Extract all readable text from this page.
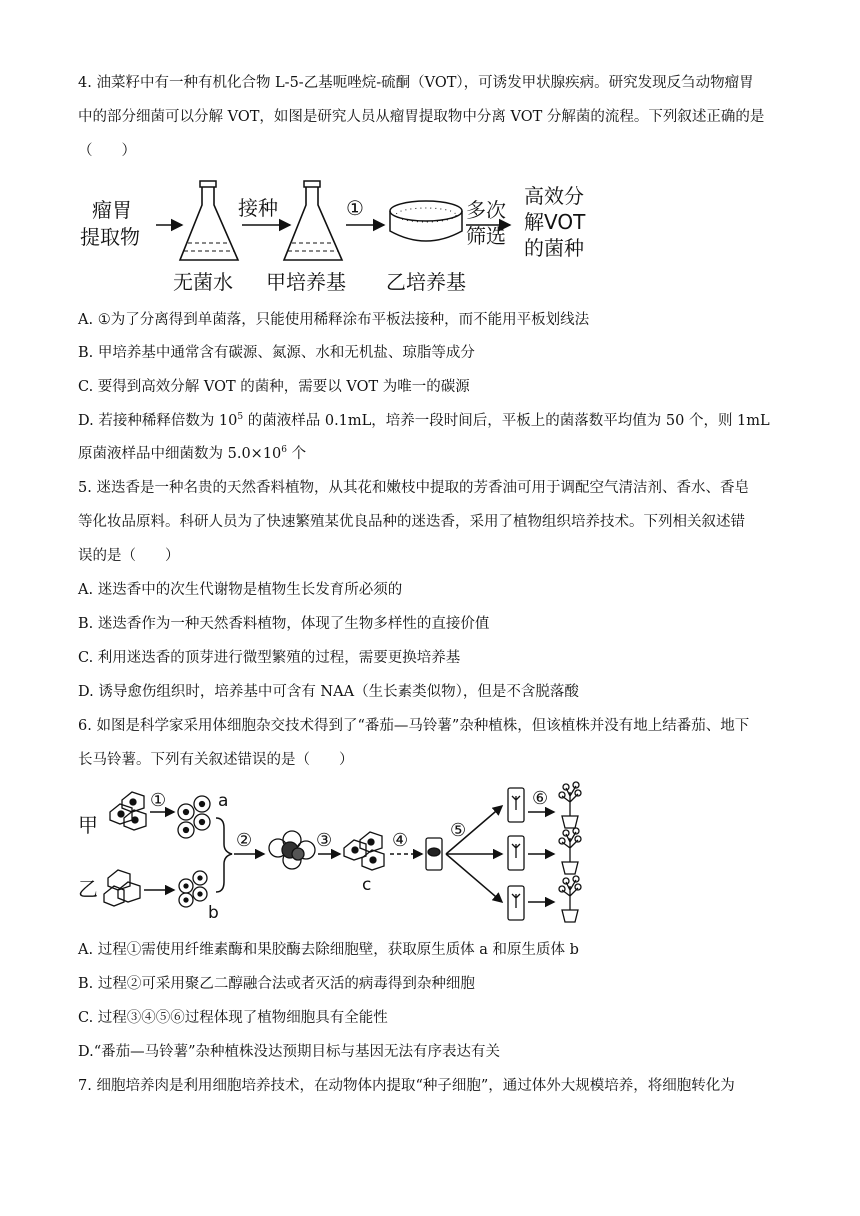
4. 油菜籽中有一种有机化合物 L-5-乙基呃唑烷-硫酮（VOT），可诱发甲状腺疾病。研究发现反刍动物瘤胃
中的部分细菌可以分解 VOT，如图是研究人员从瘤胃提取物中分离 VOT 分解菌的流程。下列叙述正确的是
（　　）
瘤胃
提取物
接种	①	多次
筛选
高效分
解VOT
的菌种
无菌水 甲培养基 乙培养基
A. ①为了分离得到单菌落，只能使用稀释涂布平板法接种，而不能用平板划线法
B. 甲培养基中通常含有碳源、氮源、水和无机盐、琼脂等成分
C. 要得到高效分解 VOT 的菌种，需要以 VOT 为唯一的碳源
D. 若接种稀释倍数为 $10^5$ 的菌液样品 0.1mL，培养一段时间后，平板上的菌落数平均值为 50 个，则 1mL
原菌液样品中细菌数为 $5.0\times 10^6$ 个
5. 迷迭香是一种名贵的天然香料植物，从其花和嫩枝中提取的芳香油可用于调配空气清洁剂、香水、香皂
等化妆品原料。科研人员为了快速繁殖某优良品种的迷迭香，采用了植物组织培养技术。下列相关叙述错
误的是（　　）
A. 迷迭香中的次生代谢物是植物生长发育所必须的
B. 迷迭香作为一种天然香料植物，体现了生物多样性的直接价值
C. 利用迷迭香的顶芽进行微型繁殖的过程，需要更换培养基
D. 诱导愈伤组织时，培养基中可含有 NAA（生长素类似物），但是不含脱落酸
6. 如图是科学家采用体细胞杂交技术得到了“番茄—马铃薯”杂种植株，但该植株并没有地上结番茄、地下
长马铃薯。下列有关叙述错误的是（　　）
甲
乙
①	a
b
②	③
c
④ ⑤
⑥
A. 过程①需使用纤维素酶和果胶酶去除细胞壁，获取原生质体 a 和原生质体 b
B. 过程②可采用聚乙二醇融合法或者灭活的病毒得到杂种细胞
C. 过程③④⑤⑥过程体现了植物细胞具有全能性
D.“番茄—马铃薯”杂种植株没达预期目标与基因无法有序表达有关
7. 细胞培养肉是利用细胞培养技术，在动物体内提取“种子细胞”，通过体外大规模培养，将细胞转化为
